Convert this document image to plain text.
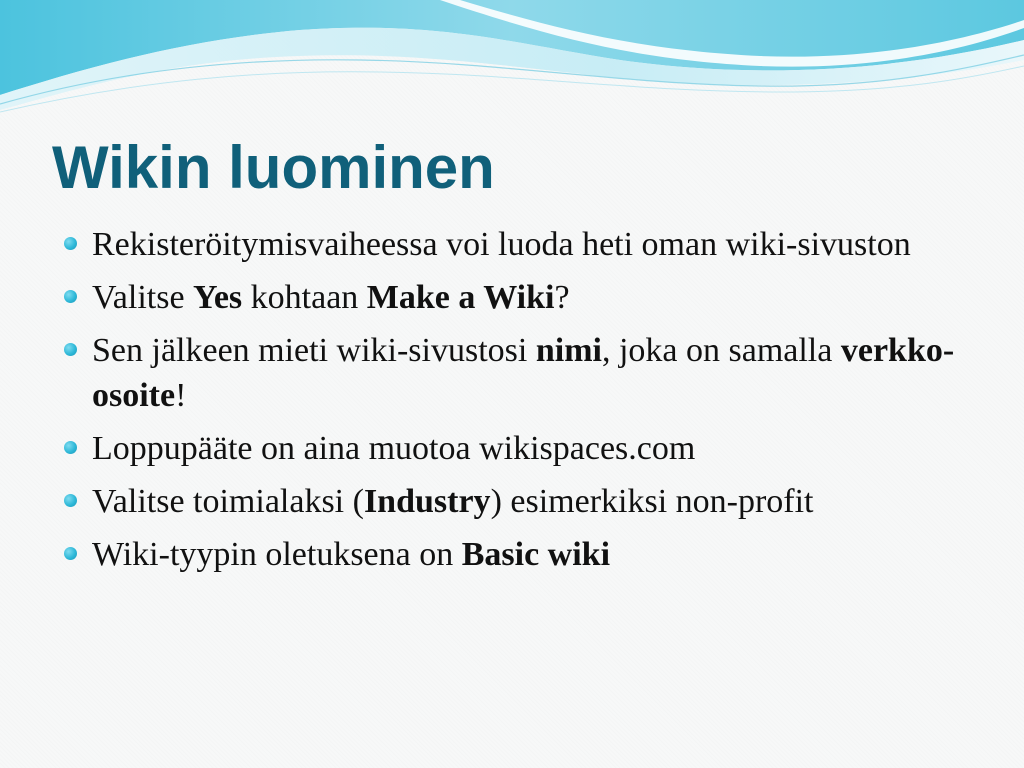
Wikin luominen
Rekisteröitymisvaiheessa voi luoda heti oman wiki-sivuston
Valitse Yes kohtaan Make a Wiki?
Sen jälkeen mieti wiki-sivustosi nimi, joka on samalla verkko-osoite!
Loppupääte on aina muotoa wikispaces.com
Valitse toimialaksi (Industry) esimerkiksi non-profit
Wiki-tyypin oletuksena on Basic wiki
